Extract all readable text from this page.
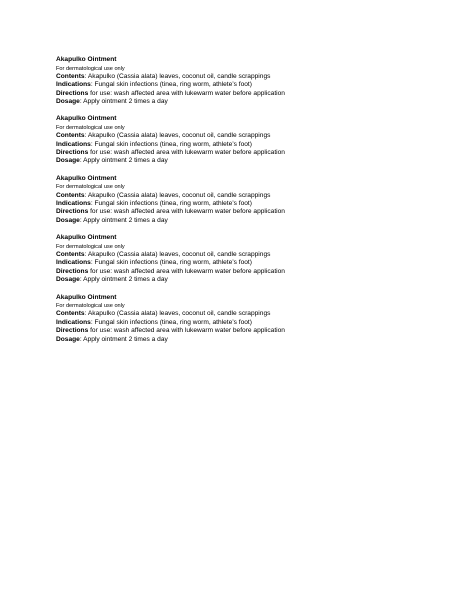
Akapulko Ointment
For dermatological use only
Contents: Akapulko (Cassia alata) leaves, coconut oil, candle scrappings
Indications: Fungal skin infections (tinea, ring worm, athlete’s foot)
Directions for use: wash affected area with lukewarm water before application
Dosage: Apply ointment 2 times a day
Akapulko Ointment
For dermatological use only
Contents: Akapulko (Cassia alata) leaves, coconut oil, candle scrappings
Indications: Fungal skin infections (tinea, ring worm, athlete’s foot)
Directions for use: wash affected area with lukewarm water before application
Dosage: Apply ointment 2 times a day
Akapulko Ointment
For dermatological use only
Contents: Akapulko (Cassia alata) leaves, coconut oil, candle scrappings
Indications: Fungal skin infections (tinea, ring worm, athlete’s foot)
Directions for use: wash affected area with lukewarm water before application
Dosage: Apply ointment 2 times a day
Akapulko Ointment
For dermatological use only
Contents: Akapulko (Cassia alata) leaves, coconut oil, candle scrappings
Indications: Fungal skin infections (tinea, ring worm, athlete’s foot)
Directions for use: wash affected area with lukewarm water before application
Dosage: Apply ointment 2 times a day
Akapulko Ointment
For dermatological use only
Contents: Akapulko (Cassia alata) leaves, coconut oil, candle scrappings
Indications: Fungal skin infections (tinea, ring worm, athlete’s foot)
Directions for use: wash affected area with lukewarm water before application
Dosage: Apply ointment 2 times a day
